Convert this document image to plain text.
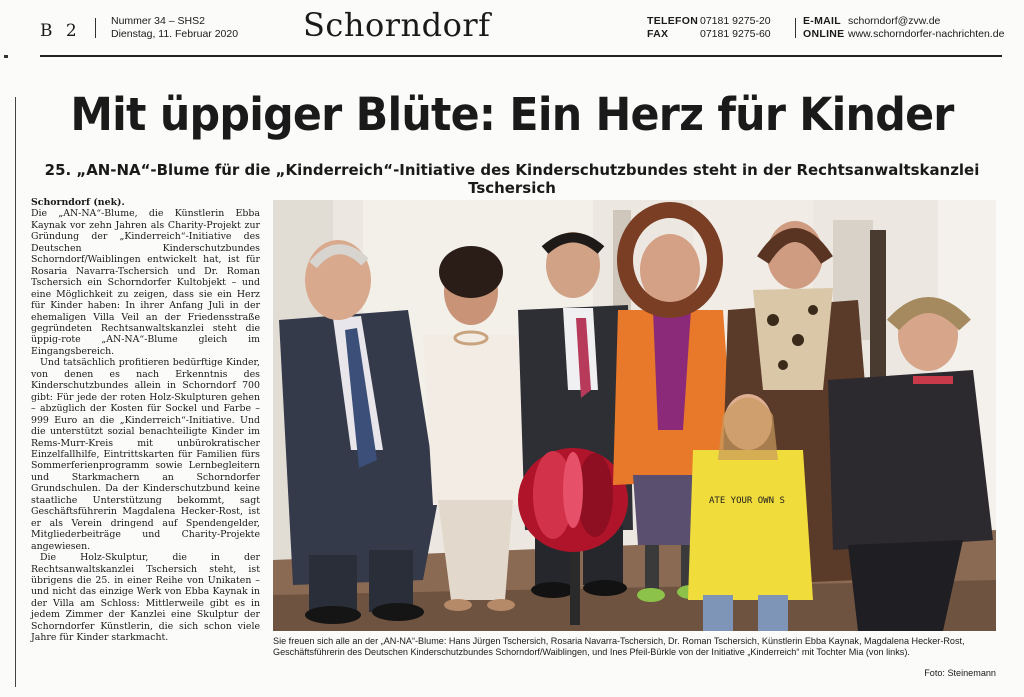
B 2	Nummer 34 – SHS2
Dienstag, 11. Februar 2020 Schorndorf	TELEFON
FAX
07181 9275-20
07181 9275-60
E-MAIL
ONLINE
schorndorf@zvw.de
www.schorndorfer-nachrichten.de
Mit üppiger Blüte: Ein Herz für Kinder
25. „AN-NA“-Blume für die „Kinderreich“-Initiative des Kinderschutzbundes steht in der Rechtsanwaltskanzlei Tschersich

Schorndorf (nek).
Die „AN-NA“-Blume, die Künstlerin Ebba Kaynak vor zehn Jahren als Charity-Projekt zur Gründung der „Kinderreich“-Initiative des Deutschen Kinderschutzbundes Schorndorf/Waiblingen entwickelt hat, ist für Rosaria Navarra-Tschersich und Dr. Roman Tschersich ein Schorndorfer Kultobjekt – und eine Möglichkeit zu zeigen, dass sie ein Herz für Kinder haben: In ihrer Anfang Juli in der ehemaligen Villa Veil an der Friedensstraße gegründeten Rechtsanwaltskanzlei steht die üppig-rote „AN-NA“-Blume gleich im Eingangsbereich.

Und tatsächlich profitieren bedürftige Kinder, von denen es nach Erkenntnis des Kinderschutzbundes allein in Schorndorf 700 gibt: Für jede der roten Holz-Skulpturen gehen – abzüglich der Kosten für Sockel und Farbe – 999 Euro an die „Kinderreich“-Initiative. Und die unterstützt sozial benachteiligte Kinder im Rems-Murr-Kreis mit unbürokratischer Einzelfallhilfe, Eintrittskarten für Familien fürs Sommerferienprogramm sowie Lernbegleitern und Starkmachern an Schorndorfer Grundschulen. Da der Kinderschutzbund keine staatliche Unterstützung bekommt, sagt Geschäftsführerin Magdalena Hecker-Rost, ist er als Verein dringend auf Spendengelder, Mitgliederbeiträge und Charity-Projekte angewiesen.

Die Holz-Skulptur, die in der Rechtsanwaltskanzlei Tschersich steht, ist übrigens die 25. in einer Reihe von Unikaten – und nicht das einzige Werk von Ebba Kaynak in der Villa am Schloss: Mittlerweile gibt es in jedem Zimmer der Kanzlei eine Skulptur der Schorndorfer Künstlerin, die sich schon viele Jahre für Kinder starkmacht.

ATE YOUR OWN S
Sie freuen sich alle an der „AN-NA“-Blume: Hans Jürgen Tschersich, Rosaria Navarra-Tschersich, Dr. Roman Tschersich, Künstlerin Ebba Kaynak, Magdalena Hecker-Rost, Geschäftsführerin des Deutschen Kinderschutzbundes Schorndorf/Waiblingen, und Ines Pfeil-Bürkle von der Initiative „Kinderreich“ mit Tochter Mia (von links).
Foto: Steinemann
